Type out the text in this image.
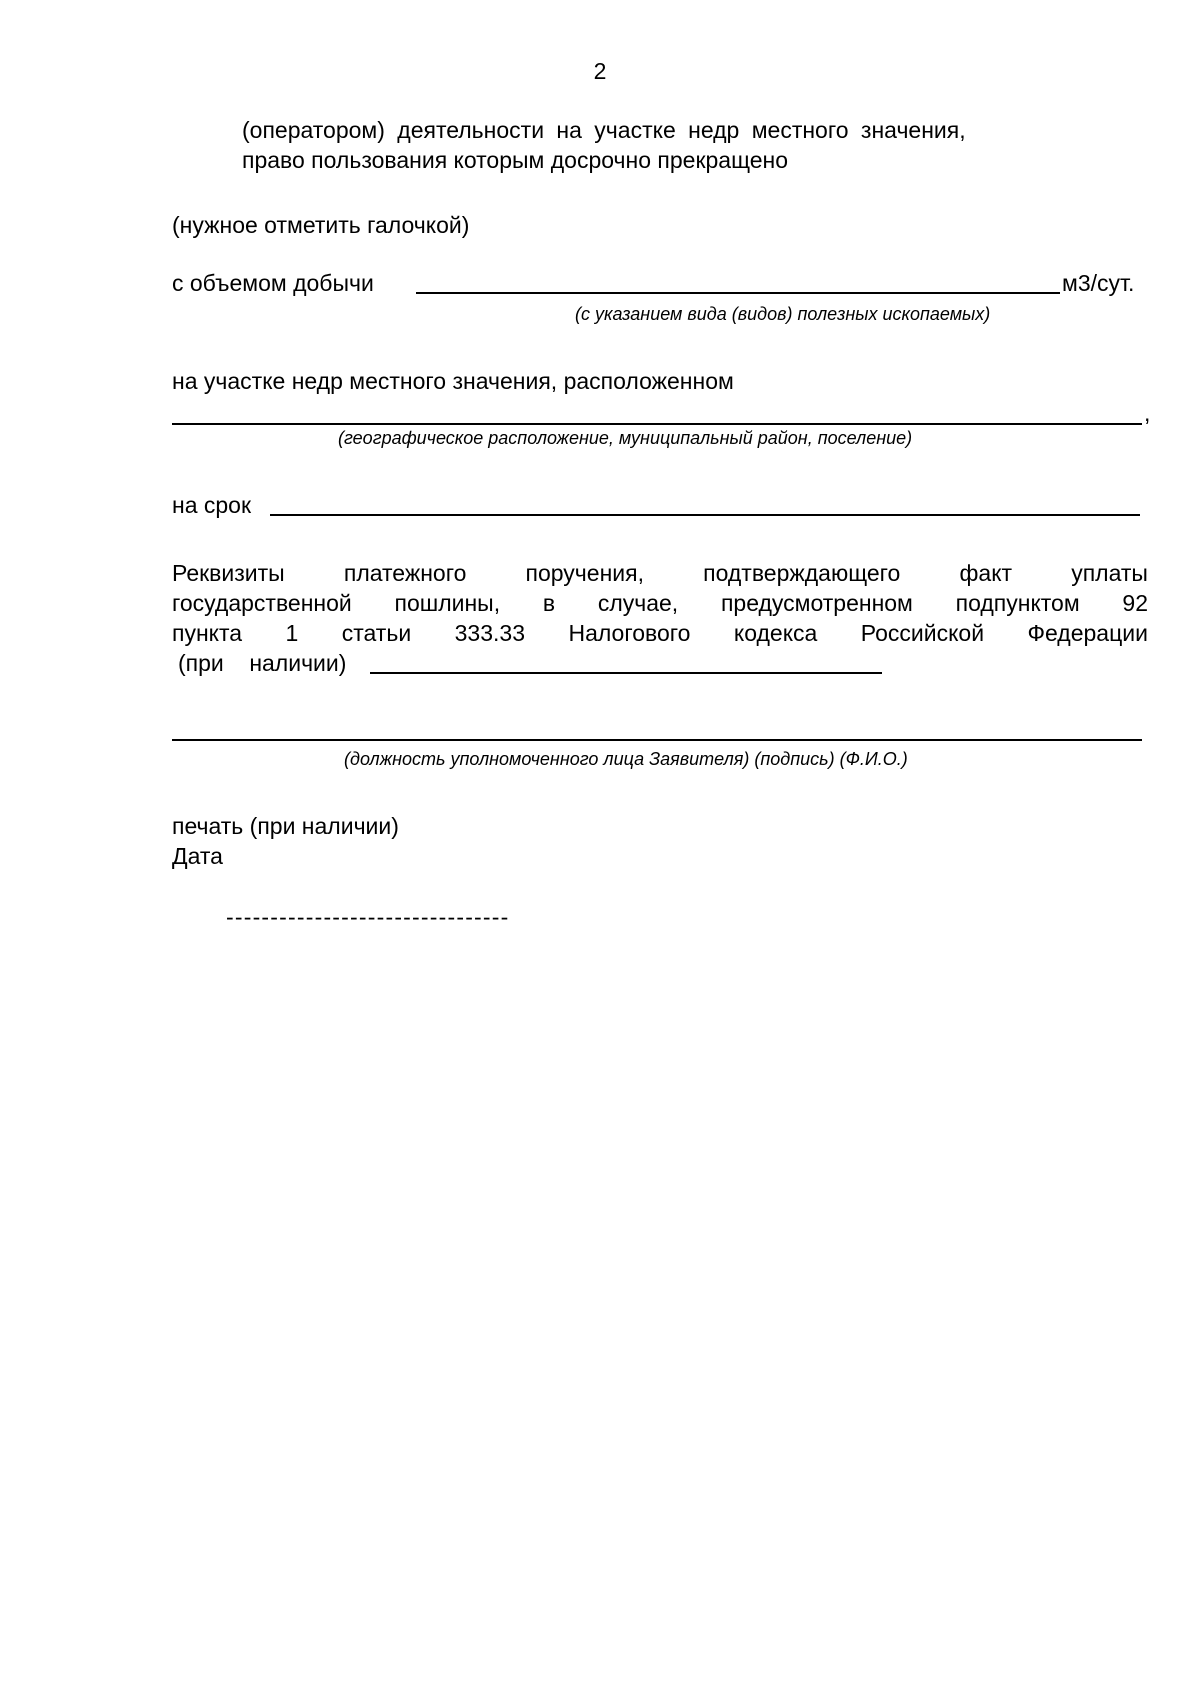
2
(оператором) деятельности на участке недр местного значения,
право пользования которым досрочно прекращено
(нужное отметить галочкой)
с объемом добычи	м3/сут.
(с указанием вида (видов) полезных ископаемых)
на участке недр местного значения, расположенном
,
(географическое расположение, муниципальный район, поселение)
на срок
Реквизиты	платежного	поручения,	подтверждающего	факт	уплаты
государственной пошлины, в случае, предусмотренном подпунктом 92
пункта 1 статьи 333.33 Налогового кодекса Российской Федерации
(при    наличии)
(должность уполномоченного лица Заявителя) (подпись) (Ф.И.О.)
печать (при наличии)
Дата
--------------------------------
